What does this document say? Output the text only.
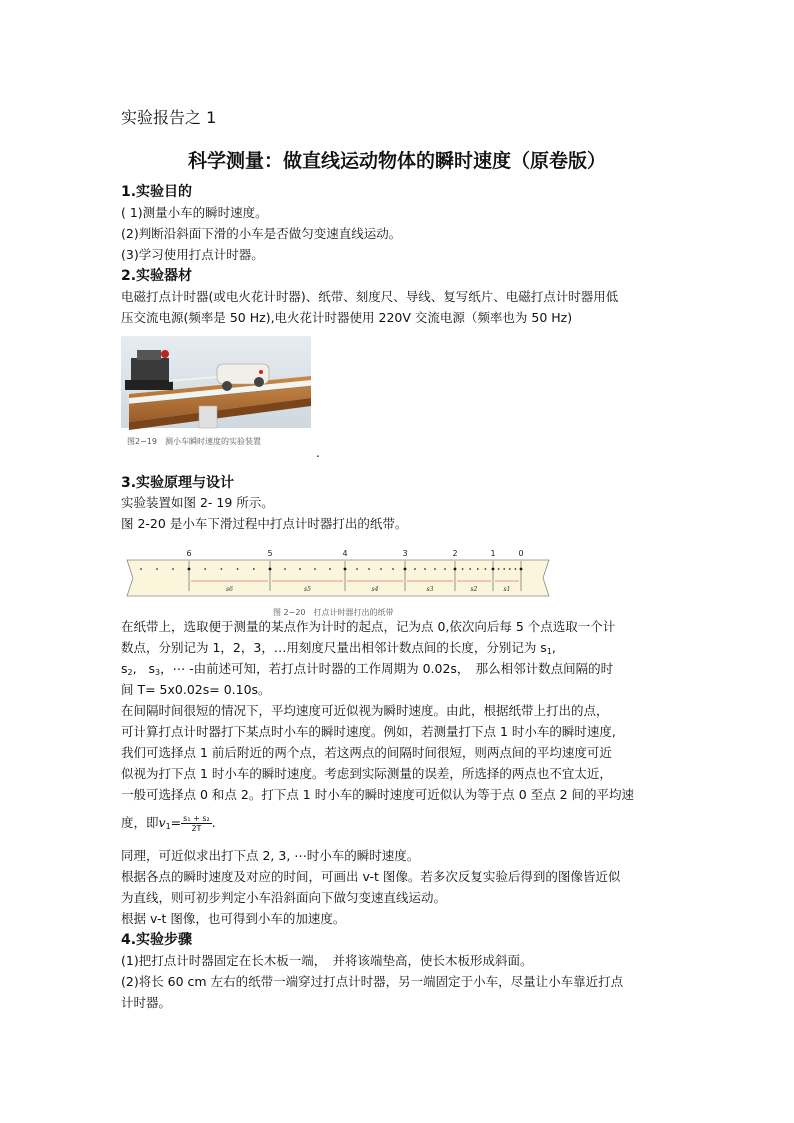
实验报告之 1
科学测量：做直线运动物体的瞬时速度（原卷版）
1.实验目的
( 1)测量小车的瞬时速度。
(2)判断沿斜面下滑的小车是否做匀变速直线运动。
(3)学习使用打点计时器。
2.实验器材
电磁打点计时器(或电火花计时器)、纸带、刻度尺、导线、复写纸片、电磁打点计时器用低
压交流电源(频率是 50 Hz),电火花计时器使用 220V 交流电源（频率也为 50 Hz)
图2−19　测小车瞬时速度的实验装置
.
3.实验原理与设计
实验装置如图 2- 19 所示。
图 2-20 是小车下滑过程中打点计时器打出的纸带。
6	5	4	3	2	1	0
s6	s5	s4	s3	s2	s1
图 2−20　打点计时器打出的纸带
在纸带上，选取便于测量的某点作为计时的起点，记为点 0,依次向后每 5 个点选取一个计
数点，分别记为 1，2，3，…用刻度尺量出相邻计数点间的长度，分别记为 $s_1$,
$s_2$,   $s_3$，⋯ -由前述可知，若打点计时器的工作周期为 0.02s，　那么相邻计数点间隔的时
间 T= 5x0.02s= 0.10s。
在间隔时间很短的情况下，平均速度可近似视为瞬时速度。由此，根据纸带上打出的点，
可计算打点计时器打下某点时小车的瞬时速度。例如，若测量打下点 1 时小车的瞬时速度,
我们可选择点 1 前后附近的两个点，若这两点的间隔时间很短，则两点间的平均速度可近
似视为打下点 1 时小车的瞬时速度。考虑到实际测量的误差，所选择的两点也不宜太近，
一般可选择点 0 和点 2。打下点 1 时小车的瞬时速度可近似认为等于点 0 至点 2 间的平均速
度，即$v_1= \frac{\text{s₁ + s₂}}{2T}$ .
同理，可近似求出打下点 2, 3, ⋯时小车的瞬时速度。
根据各点的瞬时速度及对应的时间，可画出 v-t 图像。若多次反复实验后得到的图像皆近似
为直线，则可初步判定小车沿斜面向下做匀变速直线运动。
根据 v-t 图像，也可得到小车的加速度。
4.实验步骤
(1)把打点计时器固定在长木板一端，　并将该端垫高，使长木板形成斜面。
(2)将长 60 cm 左右的纸带一端穿过打点计时器，另一端固定于小车，尽量让小车靠近打点
计时器。
